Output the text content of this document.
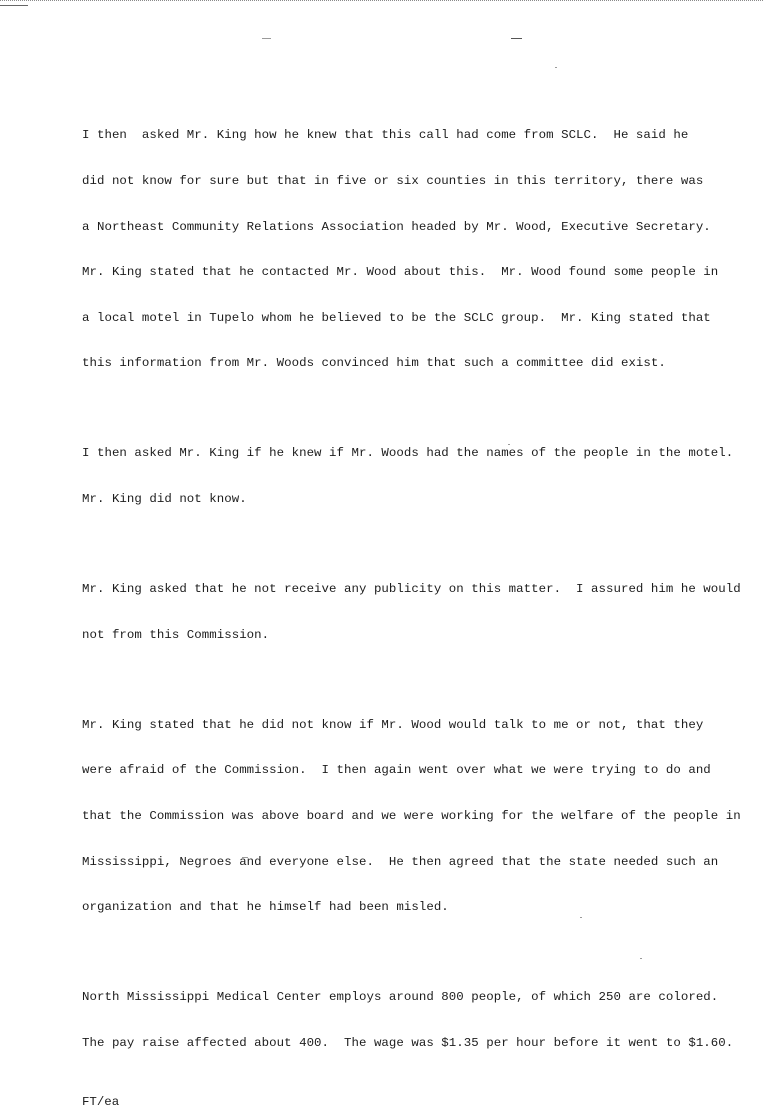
I then  asked Mr. King how he knew that this call had come from SCLC.  He said he

did not know for sure but that in five or six counties in this territory, there was

a Northeast Community Relations Association headed by Mr. Wood, Executive Secretary.

Mr. King stated that he contacted Mr. Wood about this.  Mr. Wood found some people in

a local motel in Tupelo whom he believed to be the SCLC group.  Mr. King stated that

this information from Mr. Woods convinced him that such a committee did exist.

I then asked Mr. King if he knew if Mr. Woods had the names of the people in the motel.

Mr. King did not know.

Mr. King asked that he not receive any publicity on this matter.  I assured him he would

not from this Commission.

Mr. King stated that he did not know if Mr. Wood would talk to me or not, that they

were afraid of the Commission.  I then again went over what we were trying to do and

that the Commission was above board and we were working for the welfare of the people in

Mississippi, Negroes and everyone else.  He then agreed that the state needed such an

organization and that he himself had been misled.

North Mississippi Medical Center employs around 800 people, of which 250 are colored.

The pay raise affected about 400.  The wage was $1.35 per hour before it went to $1.60.

FT/ea
